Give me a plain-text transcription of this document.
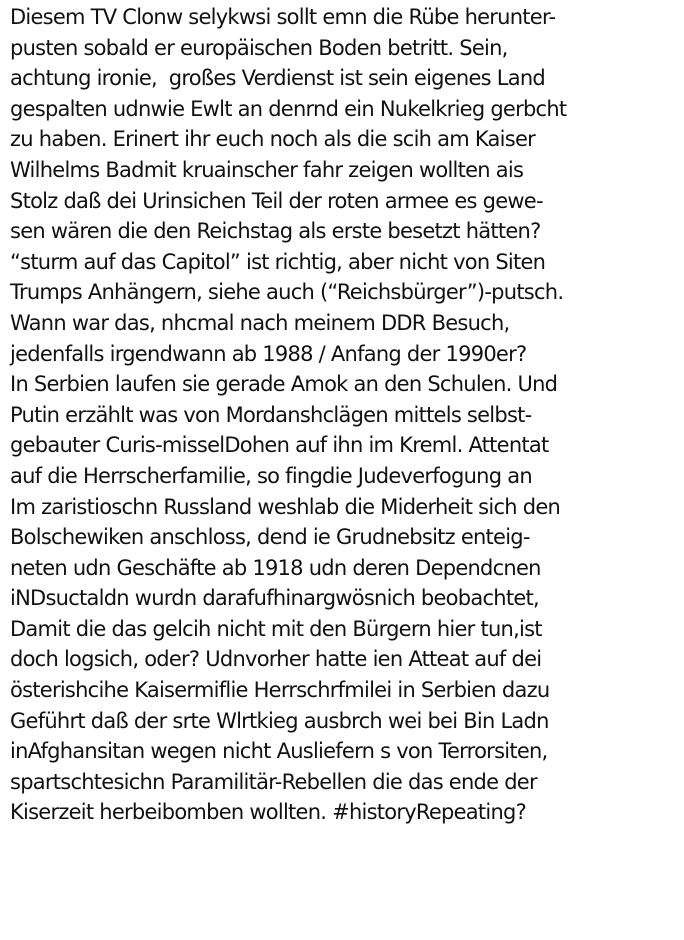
Diesem TV Clonw selykwsi sollt emn die Rübe herunter-
pusten sobald er europäischen Boden betritt. Sein,
achtung ironie,  großes Verdienst ist sein eigenes Land
gespalten udnwie Ewlt an denrnd ein Nukelkrieg gerbcht
zu haben. Erinert ihr euch noch als die scih am Kaiser
Wilhelms Badmit kruainscher fahr zeigen wollten ais
Stolz daß dei Urinsichen Teil der roten armee es gewe-
sen wären die den Reichstag als erste besetzt hätten?
“sturm auf das Capitol” ist richtig, aber nicht von Siten
Trumps Anhängern, siehe auch (“Reichsbürger”)-putsch.
Wann war das, nhcmal nach meinem DDR Besuch,
jedenfalls irgendwann ab 1988 / Anfang der 1990er?
In Serbien laufen sie gerade Amok an den Schulen. Und
Putin erzählt was von Mordanshclägen mittels selbst-
gebauter Curis-misselDohen auf ihn im Kreml. Attentat
auf die Herrscherfamilie, so fingdie Judeverfogung an
Im zaristioschn Russland weshlab die Miderheit sich den
Bolschewiken anschloss, dend ie Grudnebsitz enteig-
neten udn Geschäfte ab 1918 udn deren Dependcnen
iNDsuctaldn wurdn darafufhinargwösnich beobachtet,
Damit die das gelcih nicht mit den Bürgern hier tun,ist
doch logsich, oder? Udnvorher hatte ien Atteat auf dei
österishcihe Kaisermiflie Herrschrfmilei in Serbien dazu
Geführt daß der srte Wlrtkieg ausbrch wei bei Bin Ladn
inAfghansitan wegen nicht Ausliefern s von Terrorsiten,
spartschtesichn Paramilitär-Rebellen die das ende der
Kiserzeit herbeibomben wollten. #historyRepeating?
